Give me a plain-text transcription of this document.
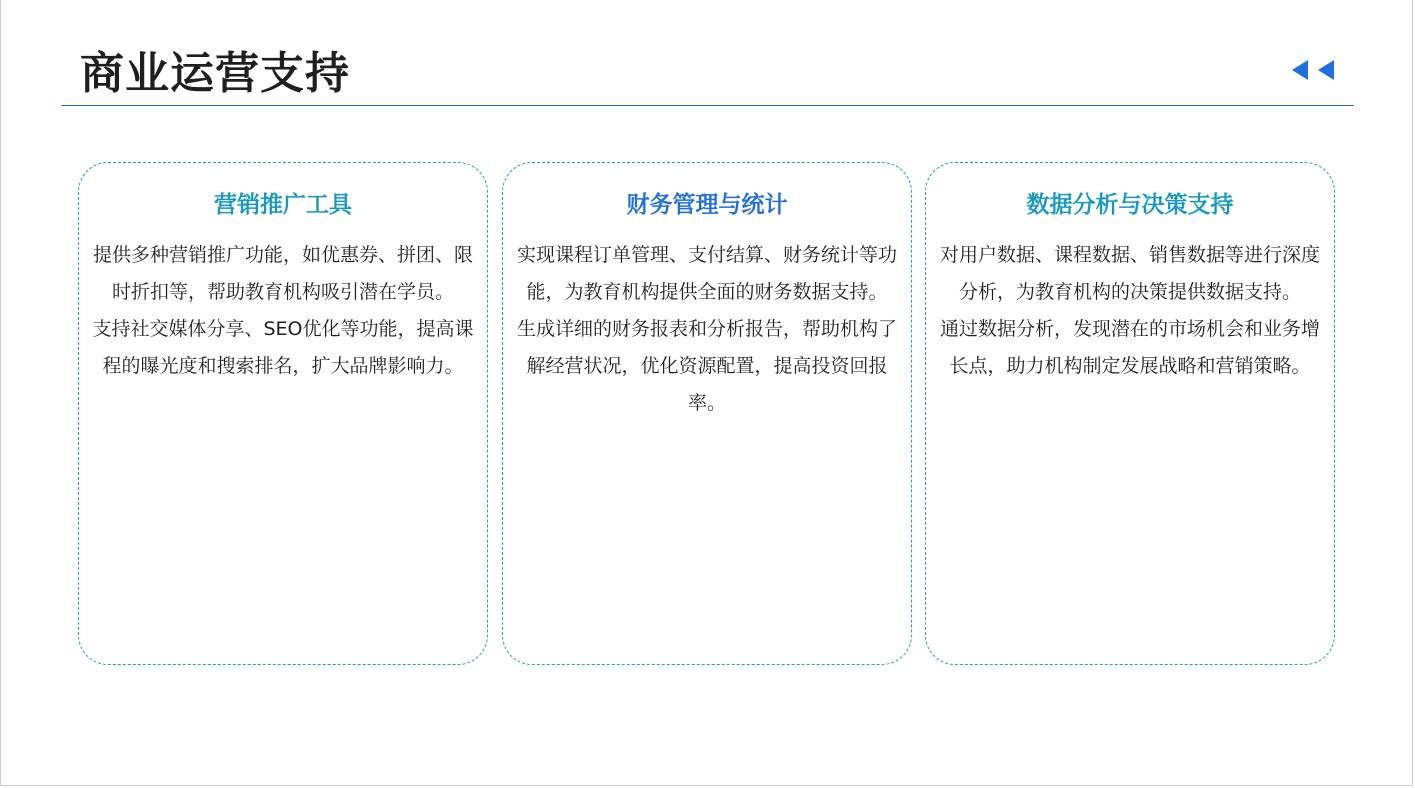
商业运营支持
营销推广工具

提供多种营销推广功能，如优惠券、拼团、限时折扣等，帮助教育机构吸引潜在学员。

支持社交媒体分享、SEO优化等功能，提高课程的曝光度和搜索排名，扩大品牌影响力。

财务管理与统计

实现课程订单管理、支付结算、财务统计等功能，为教育机构提供全面的财务数据支持。

生成详细的财务报表和分析报告，帮助机构了解经营状况，优化资源配置，提高投资回报率。

数据分析与决策支持

对用户数据、课程数据、销售数据等进行深度分析，为教育机构的决策提供数据支持。

通过数据分析，发现潜在的市场机会和业务增长点，助力机构制定发展战略和营销策略。
